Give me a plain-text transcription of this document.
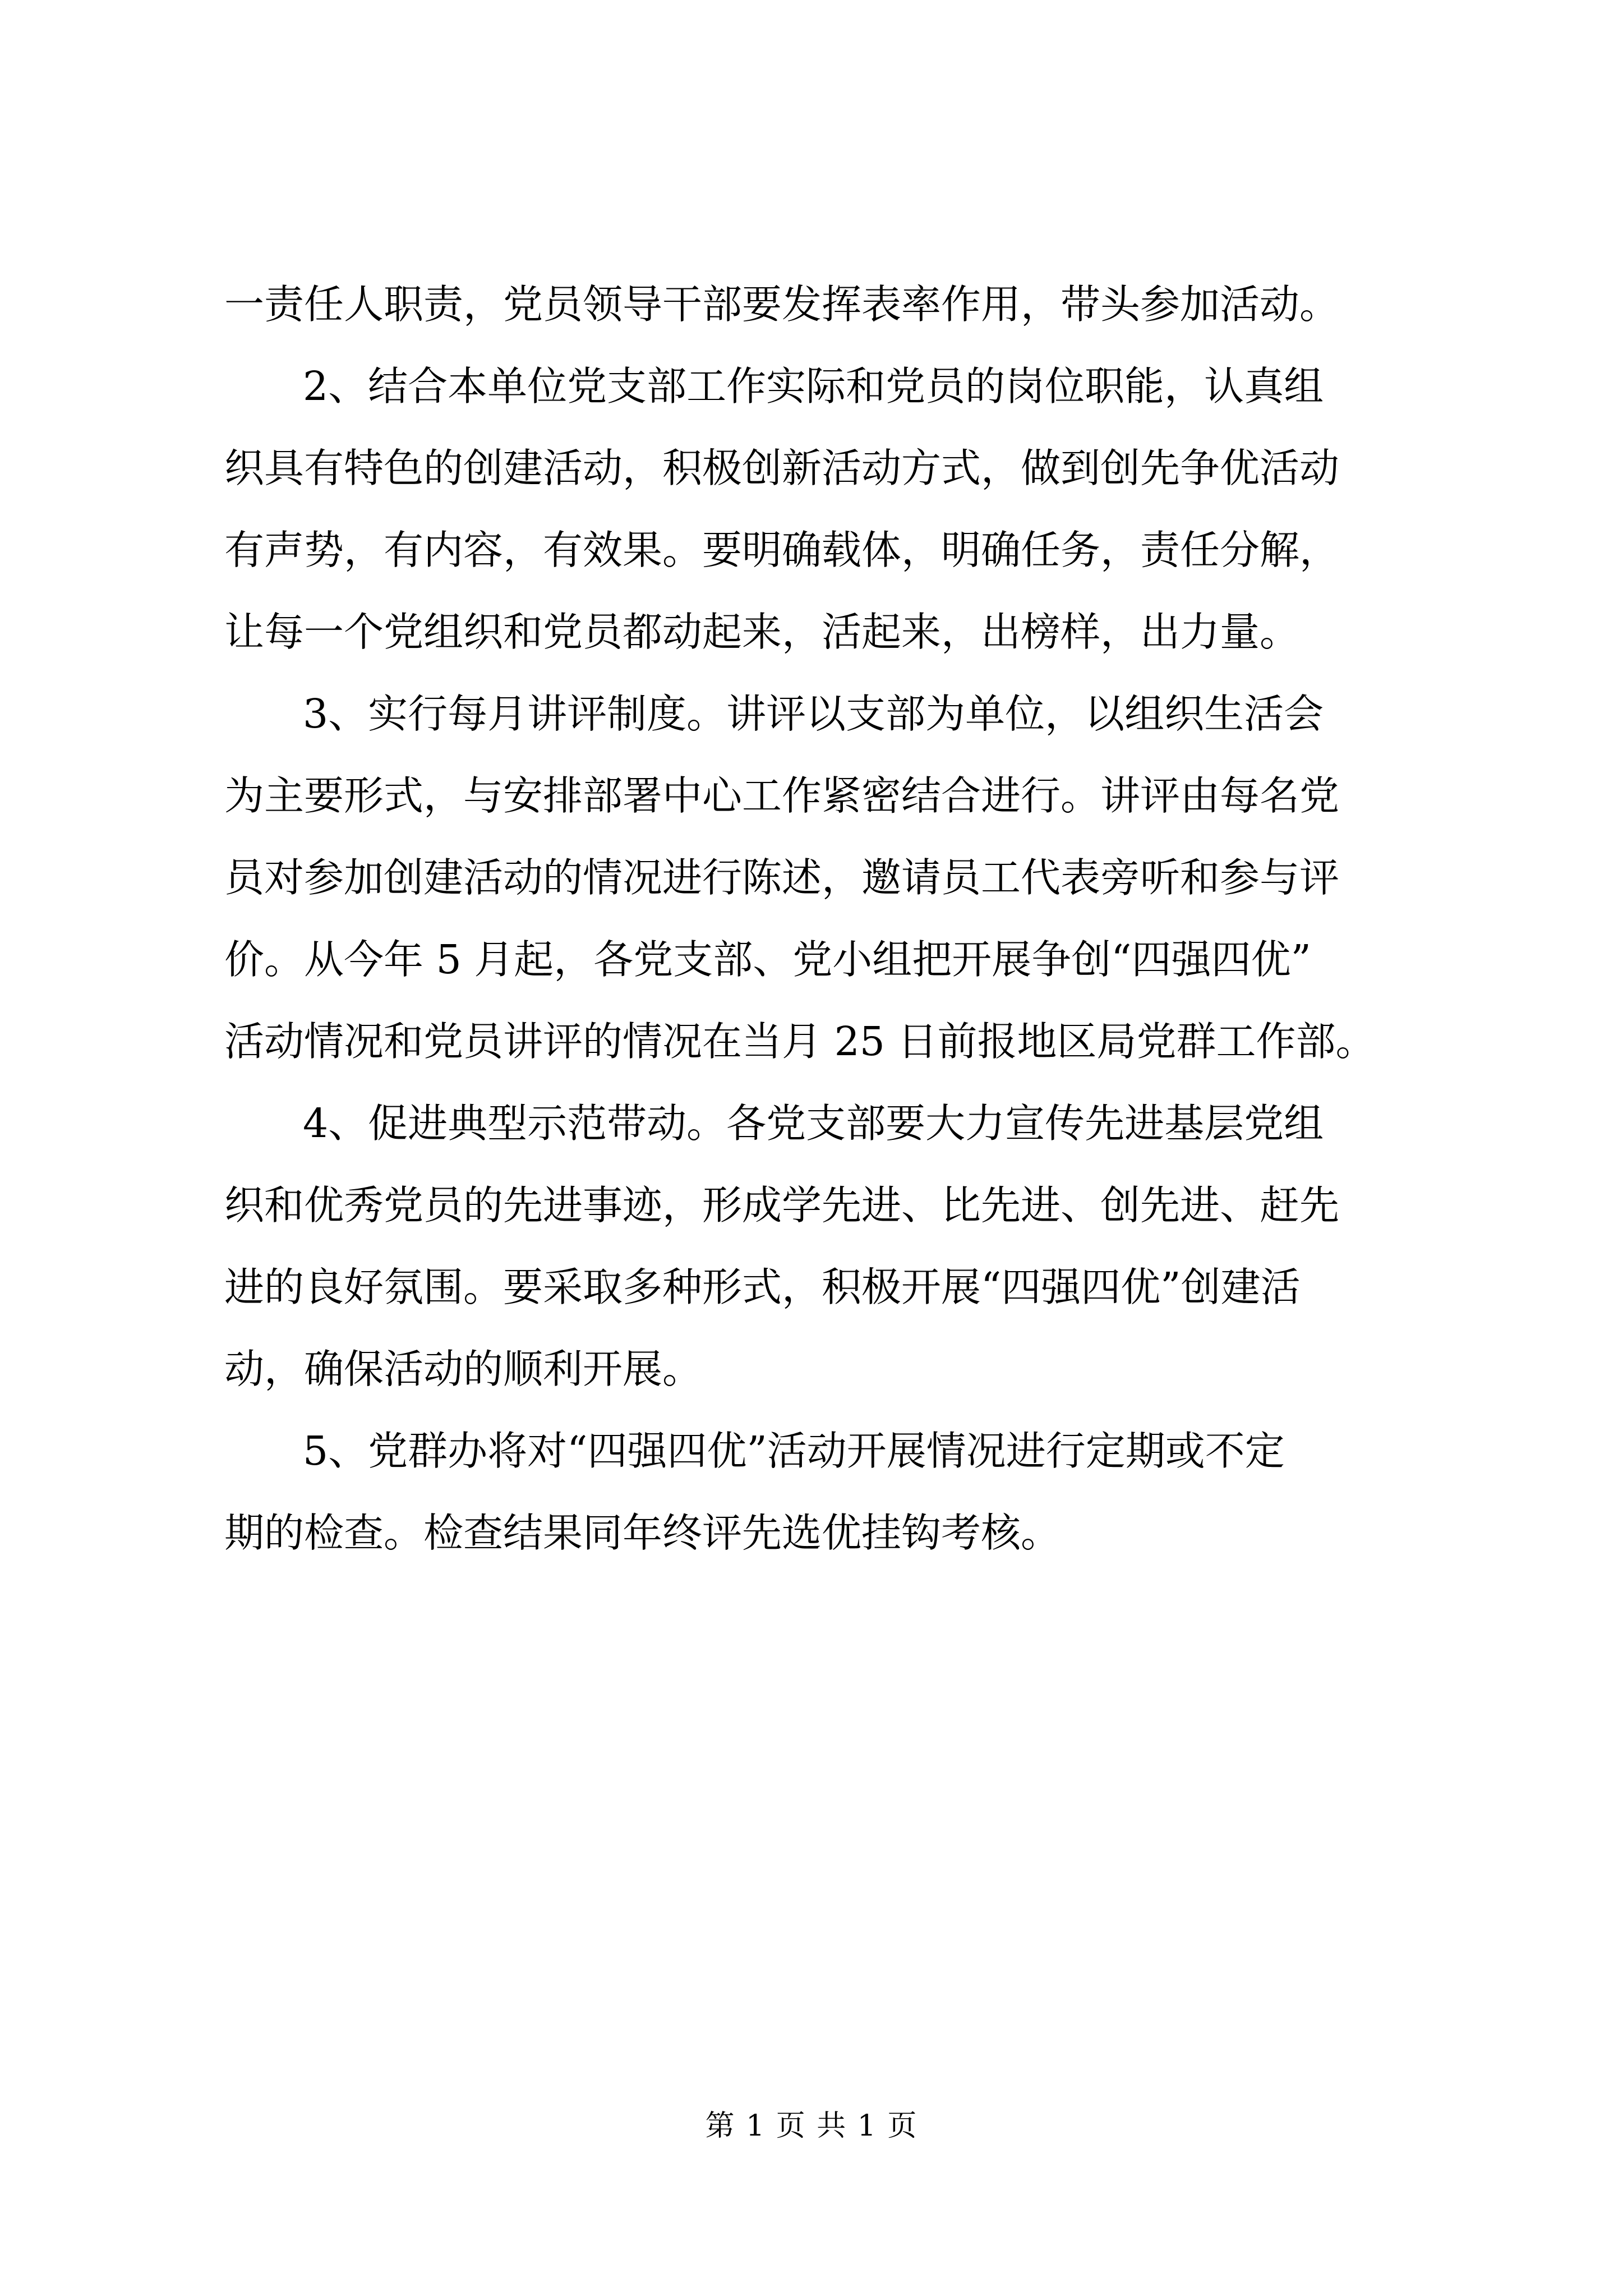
一责任人职责，党员领导干部要发挥表率作用，带头参加活动。
2、结合本单位党支部工作实际和党员的岗位职能，认真组
织具有特色的创建活动，积极创新活动方式，做到创先争优活动
有声势，有内容，有效果。要明确载体，明确任务，责任分解，
让每一个党组织和党员都动起来，活起来，出榜样，出力量。
3、实行每月讲评制度。讲评以支部为单位，以组织生活会
为主要形式，与安排部署中心工作紧密结合进行。讲评由每名党
员对参加创建活动的情况进行陈述，邀请员工代表旁听和参与评
价。从今年 5 月起，各党支部、党小组把开展争创“四强四优”
活动情况和党员讲评的情况在当月 25 日前报地区局党群工作部。
4、促进典型示范带动。各党支部要大力宣传先进基层党组
织和优秀党员的先进事迹，形成学先进、比先进、创先进、赶先
进的良好氛围。要采取多种形式，积极开展“四强四优”创建活
动，确保活动的顺利开展。
5、党群办将对“四强四优”活动开展情况进行定期或不定
期的检查。检查结果同年终评先选优挂钩考核。
第 1 页 共 1 页
